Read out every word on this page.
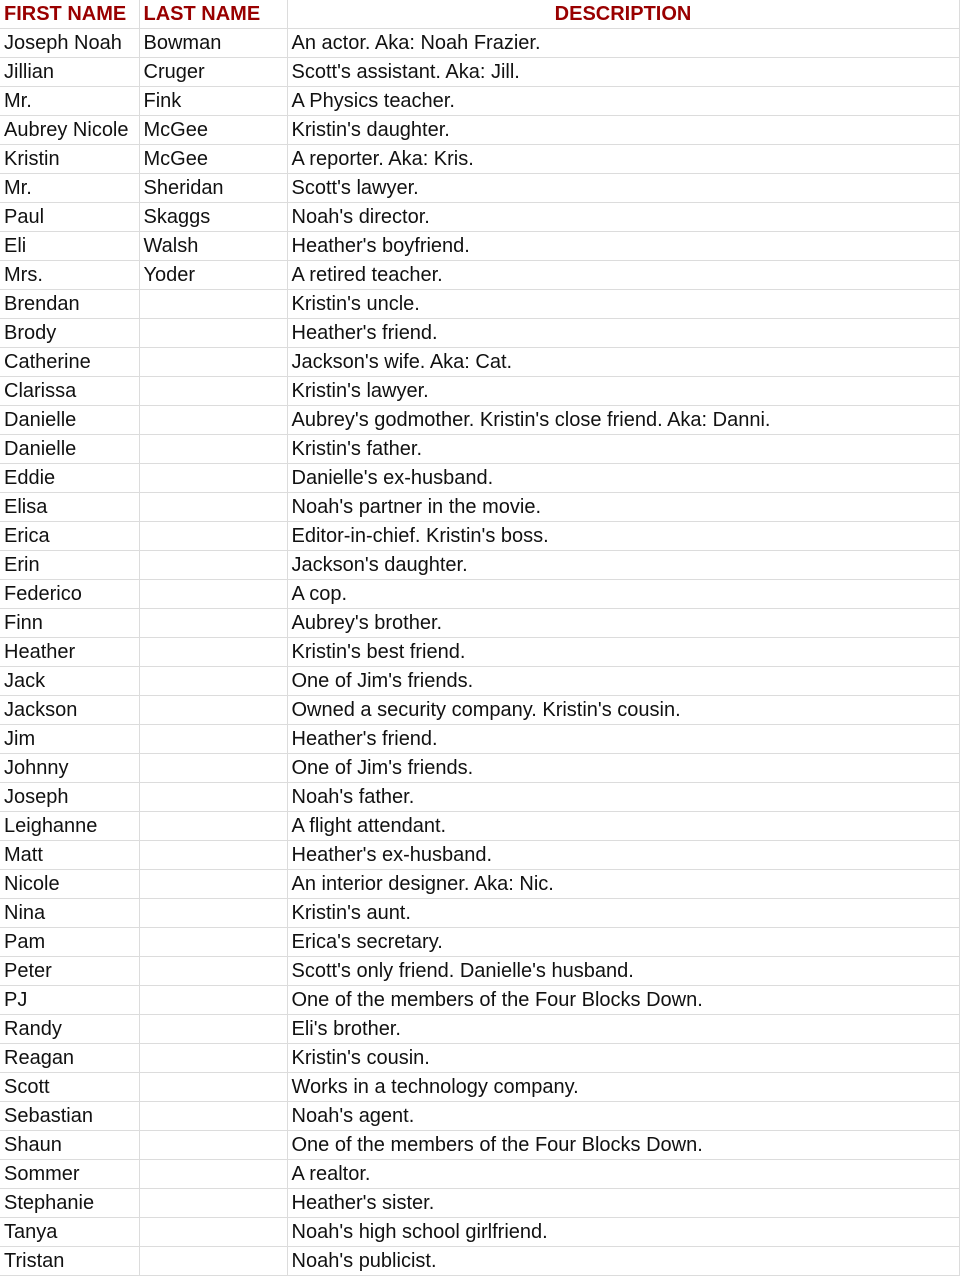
FIRST NAME	LAST NAME	DESCRIPTION
Joseph Noah	Bowman	An actor. Aka: Noah Frazier.
Jillian	Cruger	Scott's assistant. Aka: Jill.
Mr.	Fink	A Physics teacher.
Aubrey Nicole	McGee	Kristin's daughter.
Kristin	McGee	A reporter. Aka: Kris.
Mr.	Sheridan	Scott's lawyer.
Paul	Skaggs	Noah's director.
Eli	Walsh	Heather's boyfriend.
Mrs.	Yoder	A retired teacher.
Brendan		Kristin's uncle.
Brody		Heather's friend.
Catherine		Jackson's wife. Aka: Cat.
Clarissa		Kristin's lawyer.
Danielle		Aubrey's godmother. Kristin's close friend. Aka: Danni.
Danielle		Kristin's father.
Eddie		Danielle's ex-husband.
Elisa		Noah's partner in the movie.
Erica		Editor-in-chief. Kristin's boss.
Erin		Jackson's daughter.
Federico		A cop.
Finn		Aubrey's brother.
Heather		Kristin's best friend.
Jack		One of Jim's friends.
Jackson		Owned a security company. Kristin's cousin.
Jim		Heather's friend.
Johnny		One of Jim's friends.
Joseph		Noah's father.
Leighanne		A flight attendant.
Matt		Heather's ex-husband.
Nicole		An interior designer. Aka: Nic.
Nina		Kristin's aunt.
Pam		Erica's secretary.
Peter		Scott's only friend. Danielle's husband.
PJ		One of the members of the Four Blocks Down.
Randy		Eli's brother.
Reagan		Kristin's cousin.
Scott		Works in a technology company.
Sebastian		Noah's agent.
Shaun		One of the members of the Four Blocks Down.
Sommer		A realtor.
Stephanie		Heather's sister.
Tanya		Noah's high school girlfriend.
Tristan		Noah's publicist.
